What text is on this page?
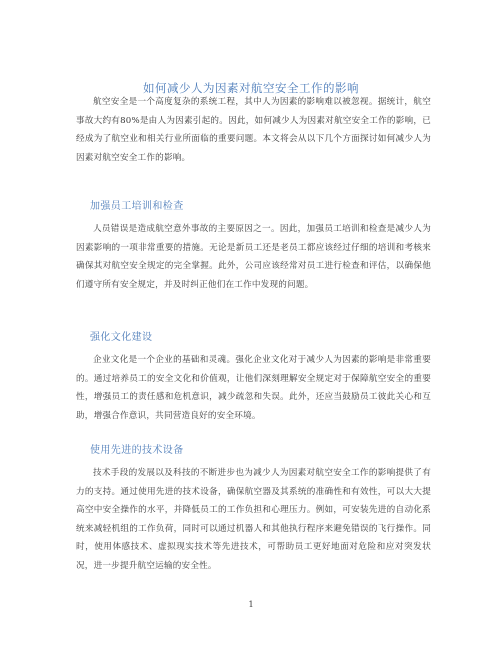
如何减少人为因素对航空安全工作的影响
航空安全是一个高度复杂的系统工程，其中人为因素的影响难以被忽视。据统计，航空事故大约有80%是由人为因素引起的。因此，如何减少人为因素对航空安全工作的影响，已经成为了航空业和相关行业所面临的重要问题。本文将会从以下几个方面探讨如何减少人为因素对航空安全工作的影响。
加强员工培训和检查
人员错误是造成航空意外事故的主要原因之一。因此，加强员工培训和检查是减少人为因素影响的一项非常重要的措施。无论是新员工还是老员工都应该经过仔细的培训和考核来确保其对航空安全规定的完全掌握。此外，公司应该经常对员工进行检查和评估，以确保他们遵守所有安全规定，并及时纠正他们在工作中发现的问题。
强化文化建设
企业文化是一个企业的基础和灵魂。强化企业文化对于减少人为因素的影响是非常重要的。通过培养员工的安全文化和价值观，让他们深刻理解安全规定对于保障航空安全的重要性，增强员工的责任感和危机意识，减少疏忽和失误。此外，还应当鼓励员工彼此关心和互助，增强合作意识，共同营造良好的安全环境。
使用先进的技术设备
技术手段的发展以及科技的不断进步也为减少人为因素对航空安全工作的影响提供了有力的支持。通过使用先进的技术设备，确保航空器及其系统的准确性和有效性，可以大大提高空中安全操作的水平，并降低员工的工作负担和心理压力。例如，可安装先进的自动化系统来减轻机组的工作负荷，同时可以通过机器人和其他执行程序来避免错误的飞行操作。同时，使用体感技术、虚拟现实技术等先进技术，可帮助员工更好地面对危险和应对突发状况，进一步提升航空运输的安全性。
1
